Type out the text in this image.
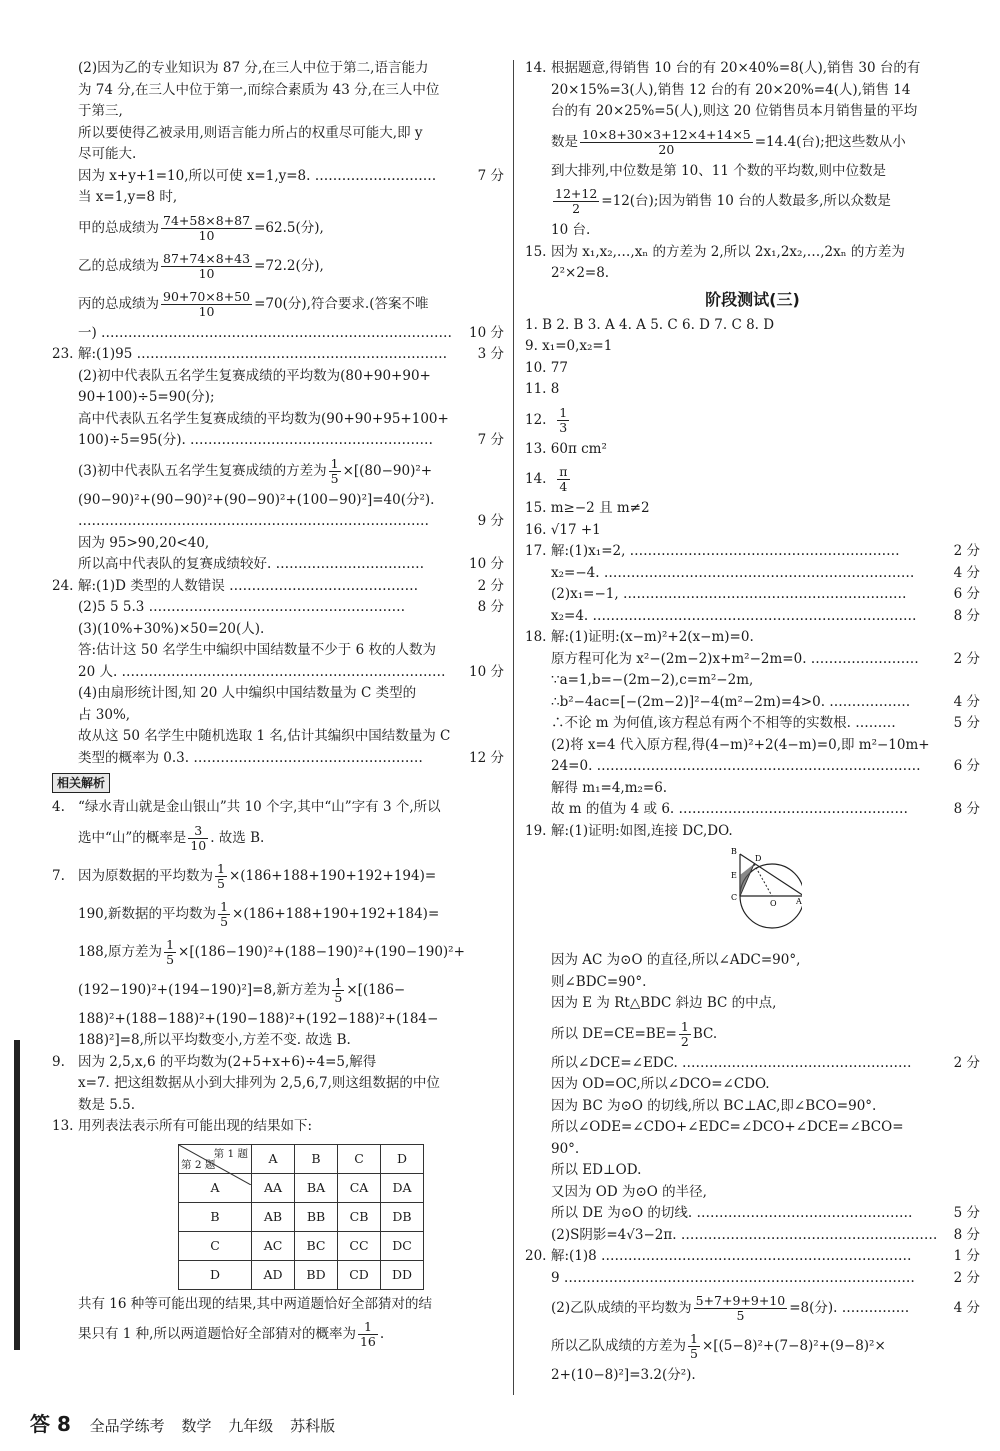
(2)因为乙的专业知识为 87 分,在三人中位于第二,语言能力
为 74 分,在三人中位于第一,而综合素质为 43 分,在三人中位
于第三,
所以要使得乙被录用,则语言能力所占的权重尽可能大,即 y
尽可能大.
因为 x+y+1=10,所以可使 x=1,y=8. ………………………	7 分
当 x=1,y=8 时,
甲的总成绩为 $\frac{74+58\times 8+87}{10} =62.5$(分),
乙的总成绩为 $\frac{87+74\times 8+43}{10} =72.2$(分),
丙的总成绩为 $\frac{90+70\times 8+50}{10} =70$(分),符合要求.(答案不唯
一) …………………………………………………………………… 10 分
23. 解:(1)95 …………………………………………………………… 3 分
(2)初中代表队五名学生复赛成绩的平均数为(80+90+90+
90+100)÷5=90(分);
高中代表队五名学生复赛成绩的平均数为(90+90+95+100+
100)÷5=95(分). ………………………………………………	7 分
(3)初中代表队五名学生复赛成绩的方差为 $\frac{1}{5} \times[(80-90)^2+$
(90−90)²+(90−90)²+(90−90)²+(100−90)²]=40(分²).
……………………………………………………………………	9 分
因为 95>90,20<40,
所以高中代表队的复赛成绩较好. ……………………………	10 分
24. 解:(1)D 类型的人数错误 ……………………………………	2 分
(2)5 5 5.3 …………………………………………………	8 分
(3)(10%+30%)×50=20(人).
答:估计这 50 名学生中编织中国结数量不少于 6 枚的人数为
20 人. ……………………………………………………………… 10 分
(4)由扇形统计图,知 20 人中编织中国结数量为 C 类型的
占 30%,
故从这 50 名学生中随机选取 1 名,估计其编织中国结数量为 C
类型的概率为 0.3. ……………………………………………	12 分
相关解析
4. “绿水青山就是金山银山”共 10 个字,其中“山”字有 3 个,所以
选中“山”的概率是 $\frac{3}{10}$ . 故选 B.
7. 因为原数据的平均数为 $\frac{1}{5} \times(186+188+190+192+194)=$
190,新数据的平均数为 $\frac{1}{5} \times(186+188+190+192+184)=$
188,原方差为 $\frac{1}{5} \times[(186-190)^2+(188-190)^2+(190-190)^2+$
(192−190)²+(194−190)²]=8,新方差为 $\frac{1}{5} \times[(186-$
188)²+(188−188)²+(190−188)²+(192−188)²+(184−
188)²]=8,所以平均数变小,方差不变. 故选 B.
9. 因为 2,5,x,6 的平均数为(2+5+x+6)÷4=5,解得
x=7. 把这组数据从小到大排列为 2,5,6,7,则这组数据的中位
数是 5.5.
13. 用列表法表示所有可能出现的结果如下:
第 1 题
第 2 题	A	B	C	D
A	AA	BA	CA	DA
B	AB	BB	CB	DB
C	AC	BC	CC	DC
D	AD	BD	CD	DD
共有 16 种等可能出现的结果,其中两道题恰好全部猜对的结
果只有 1 种,所以两道题恰好全部猜对的概率为 $\frac{1}{16}$ .
14. 根据题意,得销售 10 台的有 20×40%=8(人),销售 30 台的有
20×15%=3(人),销售 12 台的有 20×20%=4(人),销售 14
台的有 20×25%=5(人),则这 20 位销售员本月销售量的平均
数是 $\frac{10\times 8+30\times 3+12\times 4+14\times 5}{20} =14.4$(台);把这些数从小
到大排列,中位数是第 10、11 个数的平均数,则中位数是
$\frac{12+12}{2} =12$(台);因为销售 10 台的人数最多,所以众数是
10 台.
15. 因为 x₁,x₂,…,xₙ 的方差为 2,所以 2x₁,2x₂,…,2xₙ 的方差为
2²×2=8.
阶段测试(三)
1. B 2. B 3. A 4. A 5. C 6. D 7. C 8. D
9. x₁=0,x₂=1
10. 77
11. 8
12. $\frac{1}{3}$
13. 60π cm²
14. $\frac{\pi}{4}$
15. m≥−2 且 m≠2
16. √17 +1
17. 解:(1)x₁=2, ……………………………………………………	2 分
x₂=−4. ……………………………………………………………	4 分
(2)x₁=−1, ………………………………………………………	6 分
x₂=4. ………………………………………………………………	8 分
18. 解:(1)证明:(x−m)²+2(x−m)=0.
原方程可化为 x²−(2m−2)x+m²−2m=0. ……………………	2 分
∵a=1,b=−(2m−2),c=m²−2m,
∴b²−4ac=[−(2m−2)]²−4(m²−2m)=4>0. ………………	4 分
∴不论 m 为何值,该方程总有两个不相等的实数根. ………	5 分
(2)将 x=4 代入原方程,得(4−m)²+2(4−m)=0,即 m²−10m+
24=0. ……………………………………………………………… 6 分
解得 m₁=4,m₂=6.
故 m 的值为 4 或 6. ……………………………………………	8 分
19. 解:(1)证明:如图,连接 DC,DO.
B
D
E
C
O A
因为 AC 为⊙O 的直径,所以∠ADC=90°,
则∠BDC=90°.
因为 E 为 Rt△BDC 斜边 BC 的中点,
所以 $DE=CE=BE= \frac{1}{2}$ BC.
所以∠DCE=∠EDC. ……………………………………………	2 分
因为 OD=OC,所以∠DCO=∠CDO.
因为 BC 为⊙O 的切线,所以 BC⊥AC,即∠BCO=90°.
所以∠ODE=∠CDO+∠EDC=∠DCO+∠DCE=∠BCO=
90°.
所以 ED⊥OD.
又因为 OD 为⊙O 的半径,
所以 DE 为⊙O 的切线. …………………………………………	5 分
(2)S阴影=4√3−2π. ………………………………………………… 8 分
20. 解:(1)8 ……………………………………………………………	1 分
9 ……………………………………………………………………	2 分
(2)乙队成绩的平均数为 $\frac{5+7+9+9+10}{5} =8$(分). ……………	4 分
所以乙队成绩的方差为 $\frac{1}{5} \times[(5-8)^2+(7-8)^2+(9-8)^2\times$
2+(10−8)²]=3.2(分²).
答 8 全品学练考 数学 九年级 苏科版
